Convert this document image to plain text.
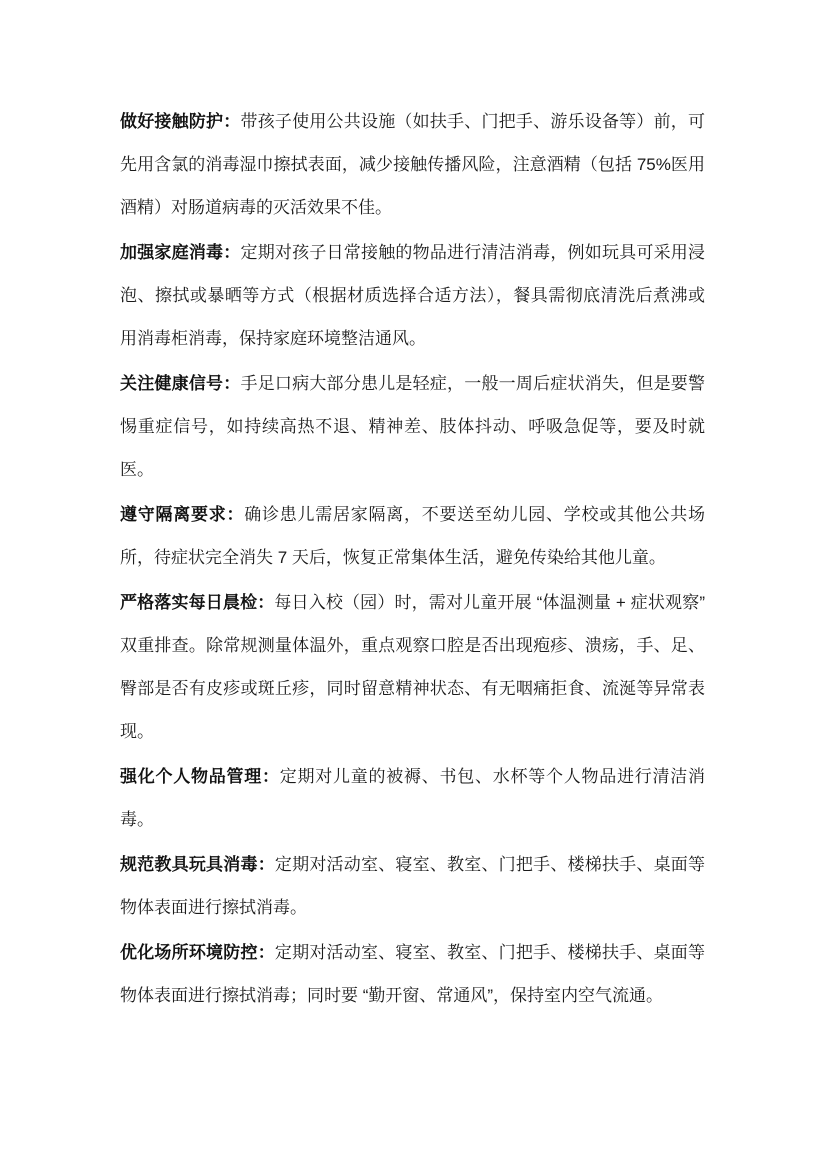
做好接触防护：带孩子使用公共设施（如扶手、门把手、游乐设备等）前，可先用含氯的消毒湿巾擦拭表面，减少接触传播风险，注意酒精（包括 75%医用酒精）对肠道病毒的灭活效果不佳。

加强家庭消毒：定期对孩子日常接触的物品进行清洁消毒，例如玩具可采用浸泡、擦拭或暴晒等方式（根据材质选择合适方法），餐具需彻底清洗后煮沸或用消毒柜消毒，保持家庭环境整洁通风。

关注健康信号：手足口病大部分患儿是轻症，一般一周后症状消失，但是要警惕重症信号，如持续高热不退、精神差、肢体抖动、呼吸急促等，要及时就医。

遵守隔离要求：确诊患儿需居家隔离，不要送至幼儿园、学校或其他公共场所，待症状完全消失 7 天后，恢复正常集体生活，避免传染给其他儿童。

严格落实每日晨检：每日入校（园）时，需对儿童开展 “体温测量 + 症状观察” 双重排查。除常规测量体温外，重点观察口腔是否出现疱疹、溃疡，手、足、臀部是否有皮疹或斑丘疹，同时留意精神状态、有无咽痛拒食、流涎等异常表现。

强化个人物品管理：定期对儿童的被褥、书包、水杯等个人物品进行清洁消毒。

规范教具玩具消毒：定期对活动室、寝室、教室、门把手、楼梯扶手、桌面等物体表面进行擦拭消毒。

优化场所环境防控：定期对活动室、寝室、教室、门把手、楼梯扶手、桌面等物体表面进行擦拭消毒；同时要 “勤开窗、常通风”，保持室内空气流通。
